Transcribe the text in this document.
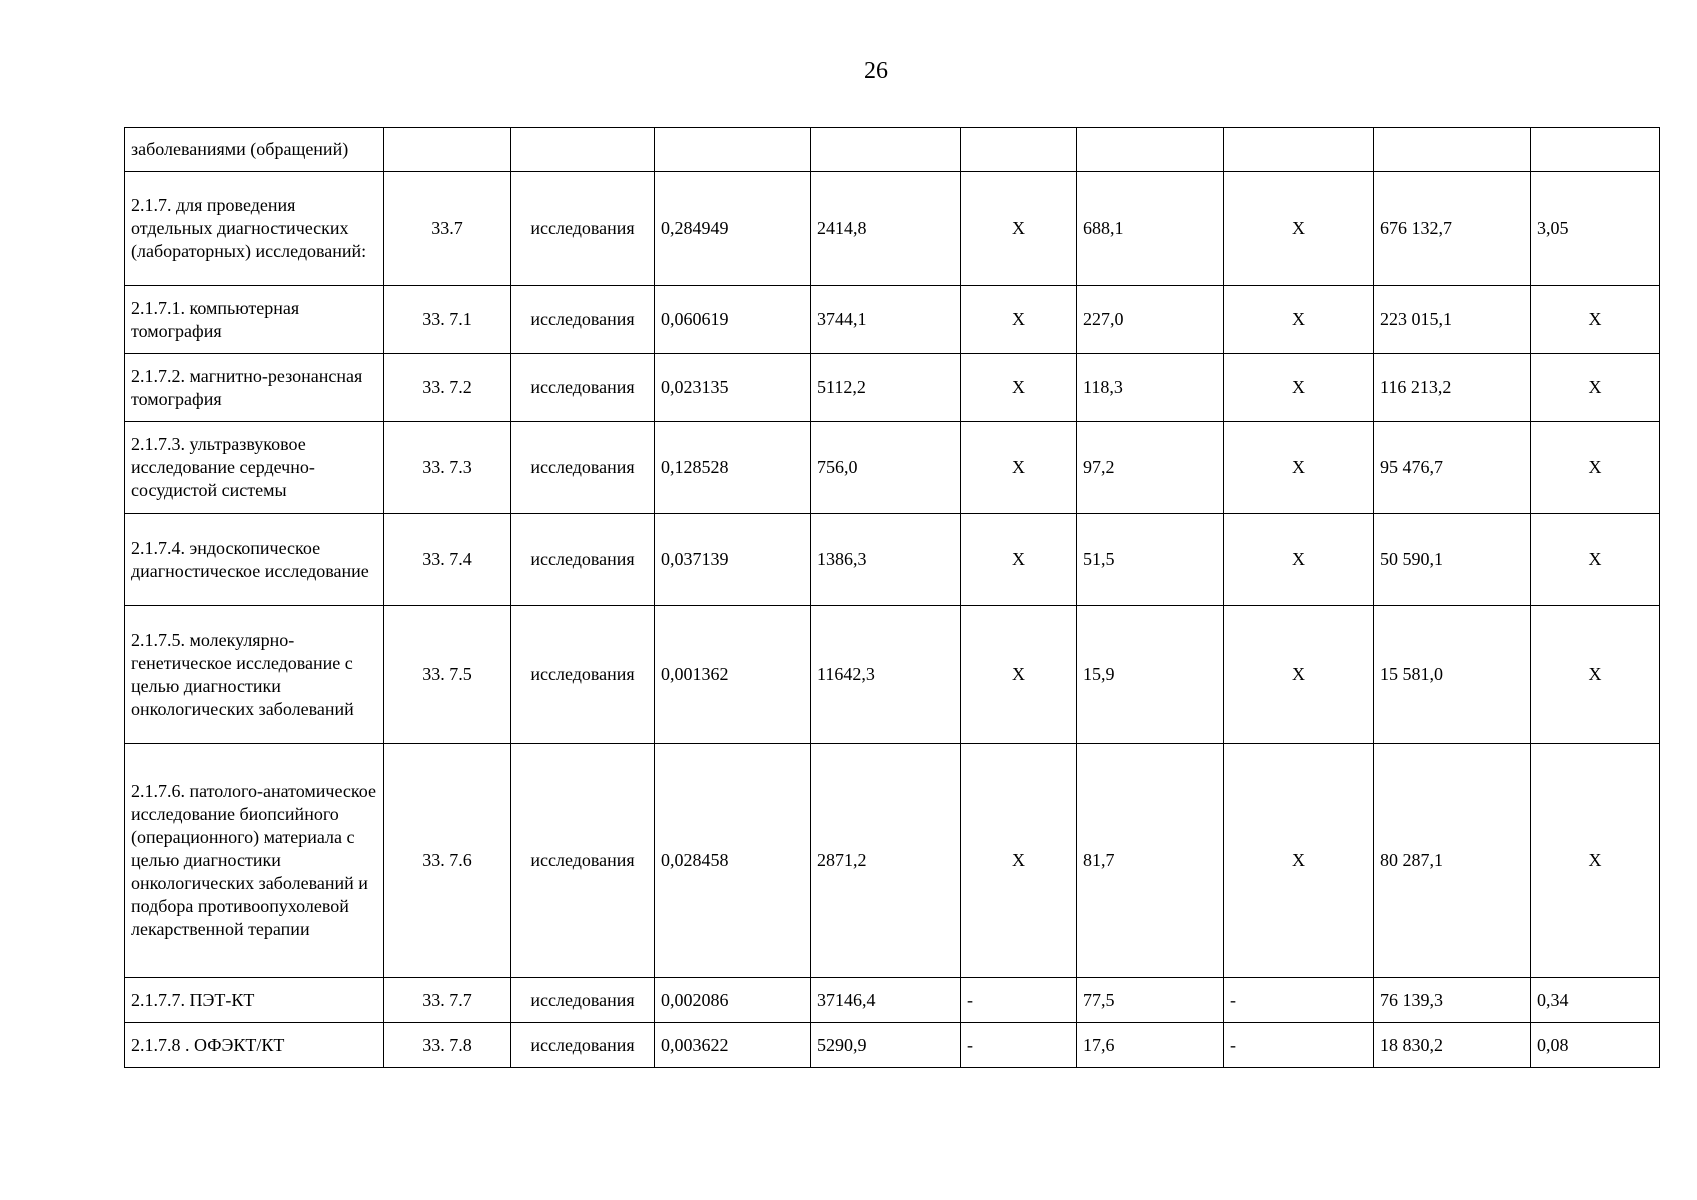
26
заболеваниями (обращений)									
2.1.7. для проведения отдельных диагностических (лабораторных) исследований:	33.7	исследования	0,284949	2414,8	X	688,1	X	676 132,7	3,05
2.1.7.1. компьютерная томография	33. 7.1	исследования	0,060619	3744,1	X	227,0	X	223 015,1	X
2.1.7.2. магнитно-резонансная томография	33. 7.2	исследования	0,023135	5112,2	X	118,3	X	116 213,2	X
2.1.7.3. ультразвуковое исследование сердечно-сосудистой системы	33. 7.3	исследования	0,128528	756,0	X	97,2	X	95 476,7	X
2.1.7.4. эндоскопическое диагностическое исследование	33. 7.4	исследования	0,037139	1386,3	X	51,5	X	50 590,1	X
2.1.7.5. молекулярно-генетическое исследование с целью диагностики онкологических заболеваний	33. 7.5	исследования	0,001362	11642,3	X	15,9	X	15 581,0	X
2.1.7.6. патолого-анатомическое исследование биопсийного (операционного) материала с целью диагностики онкологических заболеваний и подбора противоопухолевой лекарственной терапии	33. 7.6	исследования	0,028458	2871,2	X	81,7	X	80 287,1	X
2.1.7.7. ПЭТ-КТ	33. 7.7	исследования	0,002086	37146,4	-	77,5	-	76 139,3	0,34
2.1.7.8 . ОФЭКТ/КТ	33. 7.8	исследования	0,003622	5290,9	-	17,6	-	18 830,2	0,08
